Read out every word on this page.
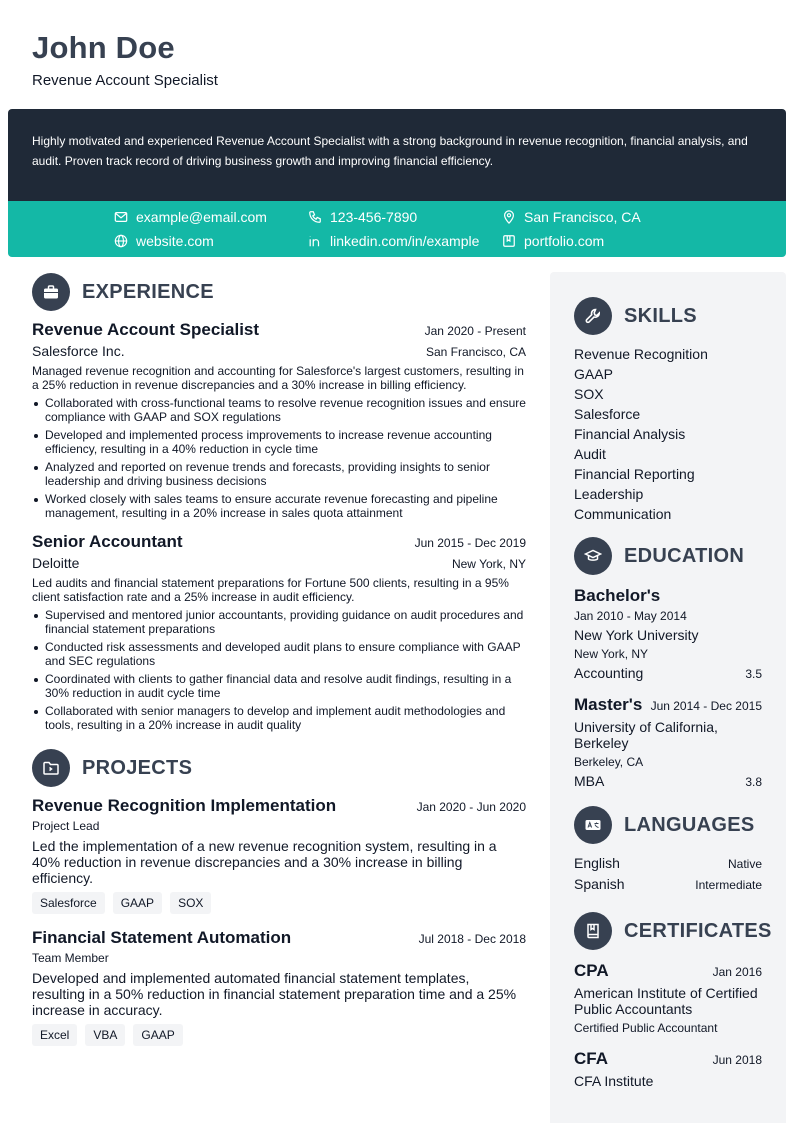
John Doe
Revenue Account Specialist
Highly motivated and experienced Revenue Account Specialist with a strong background in revenue recognition, financial analysis, and audit. Proven track record of driving business growth and improving financial efficiency.
example@email.com	123-456-7890	San Francisco, CA
website.com	linkedin.com/in/example	portfolio.com
EXPERIENCE
Revenue Account Specialist	Jan 2020 - Present
Salesforce Inc.	San Francisco, CA
Managed revenue recognition and accounting for Salesforce's largest customers, resulting in a 25% reduction in revenue discrepancies and a 30% increase in billing efficiency.
Collaborated with cross-functional teams to resolve revenue recognition issues and ensure compliance with GAAP and SOX regulations
Developed and implemented process improvements to increase revenue accounting efficiency, resulting in a 40% reduction in cycle time
Analyzed and reported on revenue trends and forecasts, providing insights to senior leadership and driving business decisions
Worked closely with sales teams to ensure accurate revenue forecasting and pipeline management, resulting in a 20% increase in sales quota attainment
Senior Accountant	Jun 2015 - Dec 2019
Deloitte	New York, NY
Led audits and financial statement preparations for Fortune 500 clients, resulting in a 95% client satisfaction rate and a 25% increase in audit efficiency.
Supervised and mentored junior accountants, providing guidance on audit procedures and financial statement preparations
Conducted risk assessments and developed audit plans to ensure compliance with GAAP and SEC regulations
Coordinated with clients to gather financial data and resolve audit findings, resulting in a 30% reduction in audit cycle time
Collaborated with senior managers to develop and implement audit methodologies and tools, resulting in a 20% increase in audit quality
PROJECTS
Revenue Recognition Implementation	Jan 2020 - Jun 2020
Project Lead
Led the implementation of a new revenue recognition system, resulting in a 40% reduction in revenue discrepancies and a 30% increase in billing efficiency.
Salesforce	GAAP	SOX
Financial Statement Automation	Jul 2018 - Dec 2018
Team Member
Developed and implemented automated financial statement templates, resulting in a 50% reduction in financial statement preparation time and a 25% increase in accuracy.
Excel	VBA	GAAP
SKILLS
Revenue Recognition
GAAP
SOX
Salesforce
Financial Analysis
Audit
Financial Reporting
Leadership
Communication
EDUCATION
Bachelor's
Jan 2010 - May 2014
New York University
New York, NY
Accounting	3.5
Master's Jun 2014 - Dec 2015
University of California, Berkeley
Berkeley, CA
MBA	3.8
LANGUAGES
English	Native
Spanish	Intermediate
CERTIFICATES
CPA	Jan 2016
American Institute of Certified Public Accountants
Certified Public Accountant
CFA	Jun 2018
CFA Institute
